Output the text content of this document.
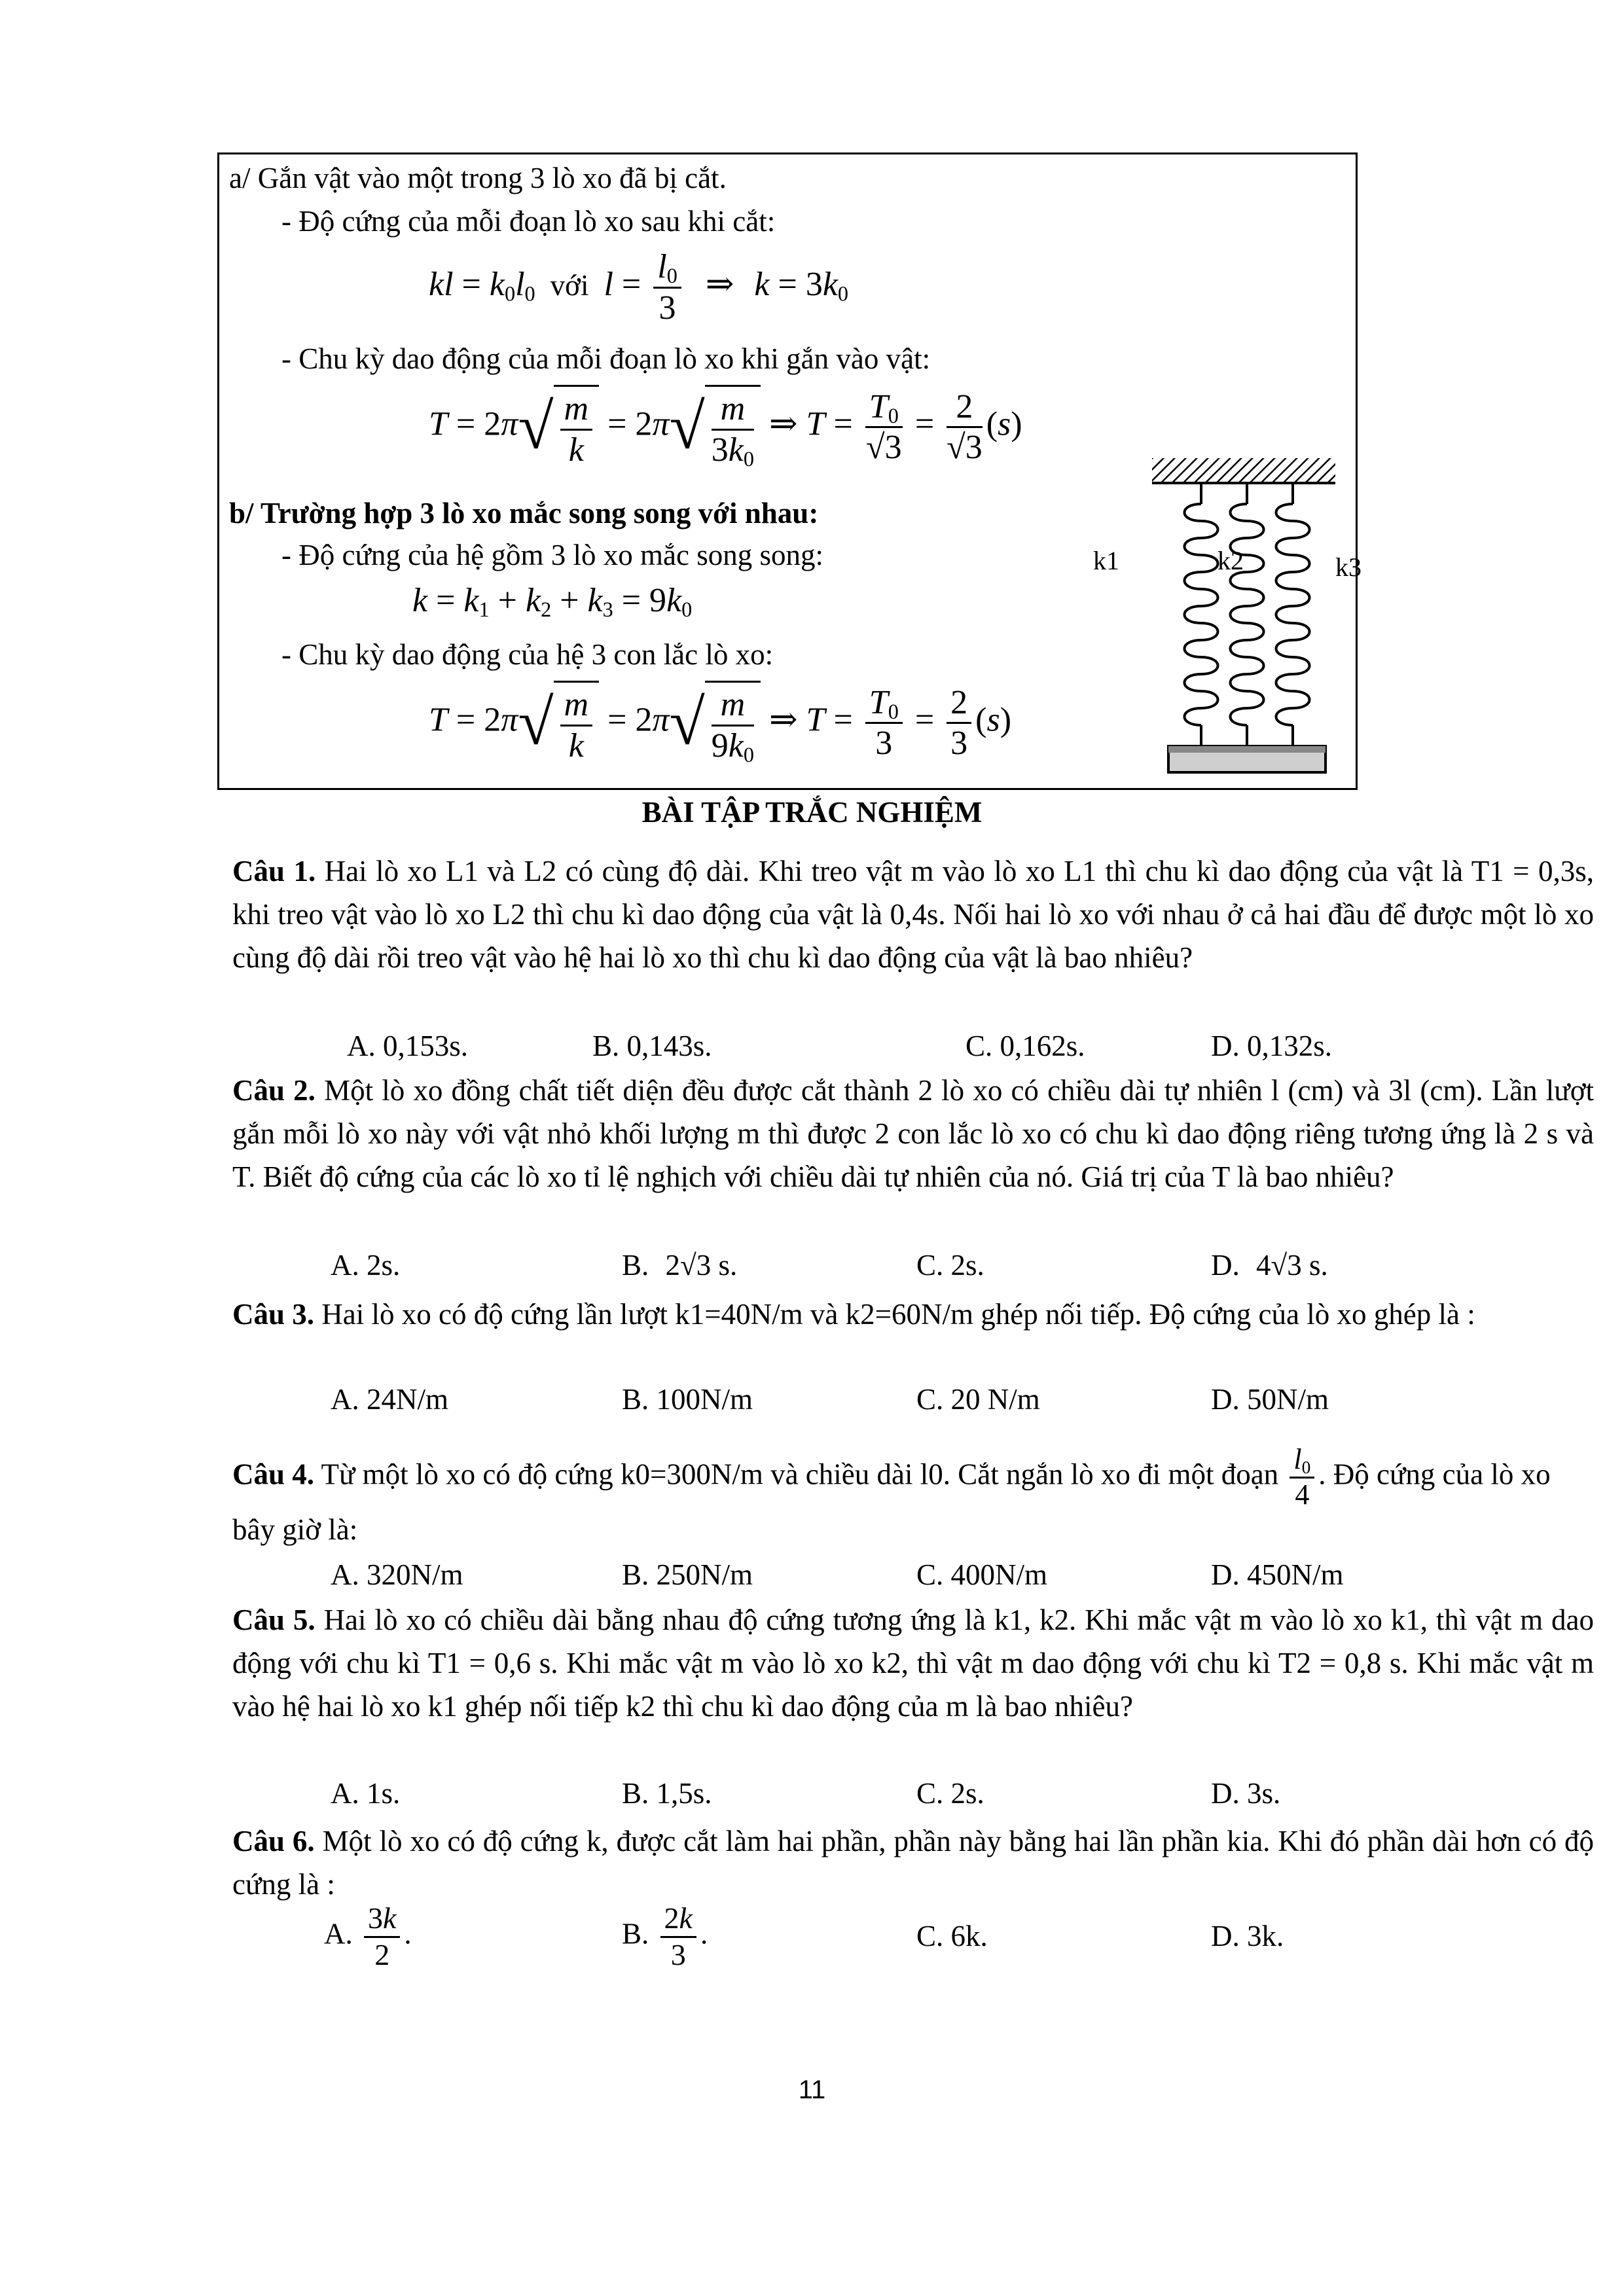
a/ Gắn vật vào một trong 3 lò xo đã bị cắt.
- Độ cứng của mỗi đoạn lò xo sau khi cắt:
kl = $k_0l_0$ với $l = \frac{l_0}{3}$ ⇒ $k = 3k_0$
- Chu kỳ dao động của mỗi đoạn lò xo khi gắn vào vật:
$T = 2\pi√ \frac{m}{k} = 2\pi√ \frac{m}{3k_0}$ ⇒ $T = \frac{T_0}{√3} = \frac{2}{√3} (s)$
b/ Trường hợp 3 lò xo mắc song song với nhau:
- Độ cứng của hệ gồm 3 lò xo mắc song song:
$k = k_1 + k_2 + k_3 = 9k_0$
- Chu kỳ dao động của hệ 3 con lắc lò xo:
$T = 2\pi√ \frac{m}{k} = 2\pi√ \frac{m}{9k_0}$ ⇒ $T = \frac{T_0}{3} = \frac{2}{3} (s)$
k1	k2	k3
BÀI TẬP TRẮC NGHIỆM
Câu 1. Hai lò xo L1 và L2 có cùng độ dài. Khi treo vật m vào lò xo L1 thì chu kì dao động của vật là T1 = 0,3s, khi treo vật vào lò xo L2 thì chu kì dao động của vật là 0,4s. Nối hai lò xo với nhau ở cả hai đầu để được một lò xo cùng độ dài rồi treo vật vào hệ hai lò xo thì chu kì dao động của vật là bao nhiêu?
A. 0,153s.	B. 0,143s.	C. 0,162s.	D. 0,132s.
Câu 2. Một lò xo đồng chất tiết diện đều được cắt thành 2 lò xo có chiều dài tự nhiên l (cm) và 3l (cm). Lần lượt gắn mỗi lò xo này với vật nhỏ khối lượng m thì được 2 con lắc lò xo có chu kì dao động riêng tương ứng là 2 s và T. Biết độ cứng của các lò xo tỉ lệ nghịch với chiều dài tự nhiên của nó. Giá trị của T là bao nhiêu?
A. 2s.	B. 2√3 s.	C. 2s.	D. 4√3 s.
Câu 3. Hai lò xo có độ cứng lần lượt k1=40N/m và k2=60N/m ghép nối tiếp. Độ cứng của lò xo ghép là :
A. 24N/m	B. 100N/m	C. 20 N/m	D. 50N/m
Câu 4. Từ một lò xo có độ cứng k0=300N/m và chiều dài l0. Cắt ngắn lò xo đi một đoạn $\frac{l_0}{4}$ . Độ cứng của lò xo bây giờ là:
A. 320N/m	B. 250N/m	C. 400N/m	D. 450N/m
Câu 5. Hai lò xo có chiều dài bằng nhau độ cứng tương ứng là k1, k2. Khi mắc vật m vào lò xo k1, thì vật m dao động với chu kì T1 = 0,6 s. Khi mắc vật m vào lò xo k2, thì vật m dao động với chu kì T2 = 0,8 s. Khi mắc vật m vào hệ hai lò xo k1 ghép nối tiếp k2 thì chu kì dao động của m là bao nhiêu?
A. 1s.	B. 1,5s.	C. 2s.	D. 3s.
Câu 6. Một lò xo có độ cứng k, được cắt làm hai phần, phần này bằng hai lần phần kia. Khi đó phần dài hơn có độ cứng là :
A. $\frac{3k}{2}$ .	B. $\frac{2k}{3}$ .	C. 6k.	D. 3k.
11
